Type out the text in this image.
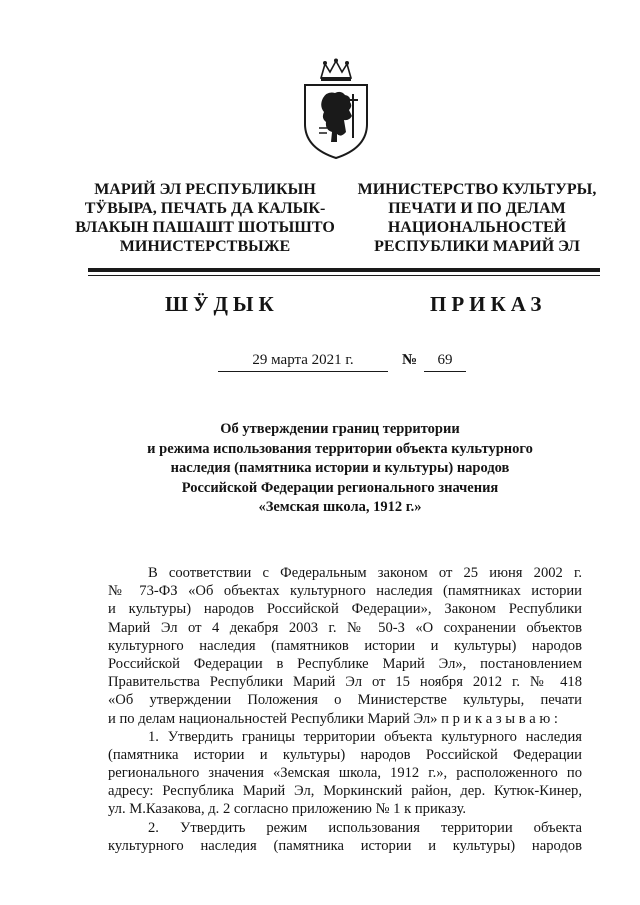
МАРИЙ ЭЛ РЕСПУБЛИКЫН
ТӰВЫРА, ПЕЧАТЬ ДА КАЛЫК-
ВЛАКЫН ПАШАШТ ШОТЫШТО
МИНИСТЕРСТВЫЖЕ
МИНИСТЕРСТВО КУЛЬТУРЫ,
ПЕЧАТИ И ПО ДЕЛАМ
НАЦИОНАЛЬНОСТЕЙ
РЕСПУБЛИКИ МАРИЙ ЭЛ
ШӰДЫК	ПРИКАЗ
29 марта 2021 г.	№	69
Об утверждении границ территории
и режима использования территории объекта культурного
наследия (памятника истории и культуры) народов
Российской Федерации регионального значения
«Земская школа, 1912 г.»
В соответствии с Федеральным законом от 25 июня 2002 г.
№ 73-ФЗ «Об объектах культурного наследия (памятниках истории
и культуры) народов Российской Федерации», Законом Республики
Марий Эл от 4 декабря 2003 г. № 50-З «О сохранении объектов
культурного наследия (памятников истории и культуры) народов
Российской Федерации в Республике Марий Эл», постановлением
Правительства Республики Марий Эл от 15 ноября 2012 г. № 418
«Об утверждении Положения о Министерстве культуры, печати
и по делам национальностей Республики Марий Эл» п р и к а з ы в а ю :
1. Утвердить границы территории объекта культурного наследия
(памятника истории и культуры) народов Российской Федерации
регионального значения «Земская школа, 1912 г.», расположенного по
адресу: Республика Марий Эл, Моркинский район, дер. Кутюк-Кинер,
ул. М.Казакова, д. 2 согласно приложению № 1 к приказу.
2. Утвердить режим использования территории объекта
культурного наследия (памятника истории и культуры) народов
